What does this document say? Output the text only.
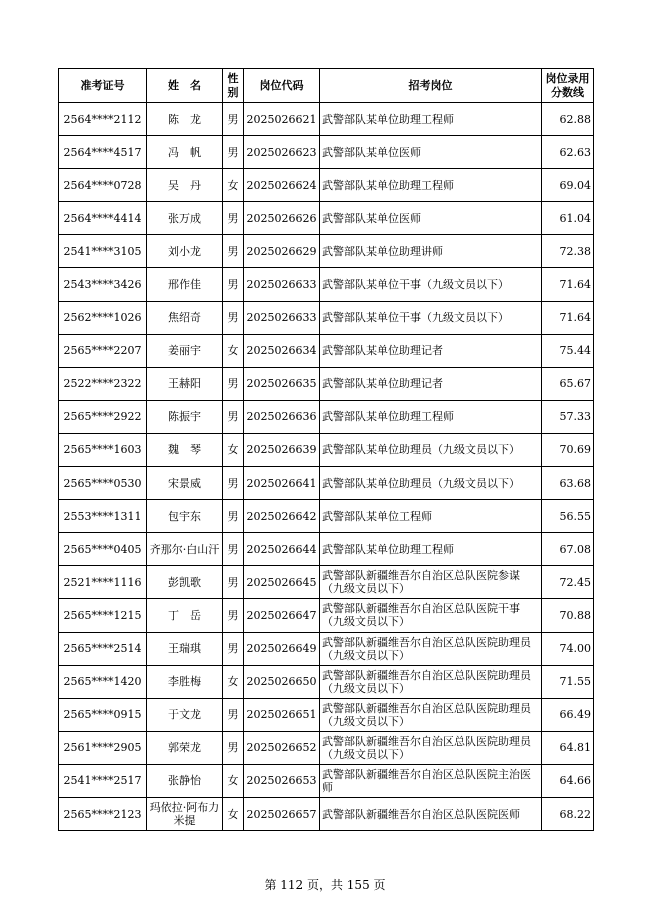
准考证号	姓　名	性别	岗位代码	招考岗位	岗位录用分数线
2564****2112	陈　龙	男	2025026621	武警部队某单位助理工程师	62.88
2564****4517	冯　帆	男	2025026623	武警部队某单位医师	62.63
2564****0728	吴　丹	女	2025026624	武警部队某单位助理工程师	69.04
2564****4414	张万成	男	2025026626	武警部队某单位医师	61.04
2541****3105	刘小龙	男	2025026629	武警部队某单位助理讲师	72.38
2543****3426	邢作佳	男	2025026633	武警部队某单位干事（九级文员以下）	71.64
2562****1026	焦绍奇	男	2025026633	武警部队某单位干事（九级文员以下）	71.64
2565****2207	姜丽宇	女	2025026634	武警部队某单位助理记者	75.44
2522****2322	王赫阳	男	2025026635	武警部队某单位助理记者	65.67
2565****2922	陈振宇	男	2025026636	武警部队某单位助理工程师	57.33
2565****1603	魏　琴	女	2025026639	武警部队某单位助理员（九级文员以下）	70.69
2565****0530	宋景威	男	2025026641	武警部队某单位助理员（九级文员以下）	63.68
2553****1311	包宇东	男	2025026642	武警部队某单位工程师	56.55
2565****0405	齐那尔·白山汗	男	2025026644	武警部队某单位助理工程师	67.08
2521****1116	彭凯歌	男	2025026645	武警部队新疆维吾尔自治区总队医院参谋（九级文员以下）	72.45
2565****1215	丁　岳	男	2025026647	武警部队新疆维吾尔自治区总队医院干事（九级文员以下）	70.88
2565****2514	王瑞琪	男	2025026649	武警部队新疆维吾尔自治区总队医院助理员（九级文员以下）	74.00
2565****1420	李胜梅	女	2025026650	武警部队新疆维吾尔自治区总队医院助理员（九级文员以下）	71.55
2565****0915	于文龙	男	2025026651	武警部队新疆维吾尔自治区总队医院助理员（九级文员以下）	66.49
2561****2905	郭荣龙	男	2025026652	武警部队新疆维吾尔自治区总队医院助理员（九级文员以下）	64.81
2541****2517	张静怡	女	2025026653	武警部队新疆维吾尔自治区总队医院主治医师	64.66
2565****2123	玛依拉·阿布力米提	女	2025026657	武警部队新疆维吾尔自治区总队医院医师	68.22
第 112 页，共 155 页
